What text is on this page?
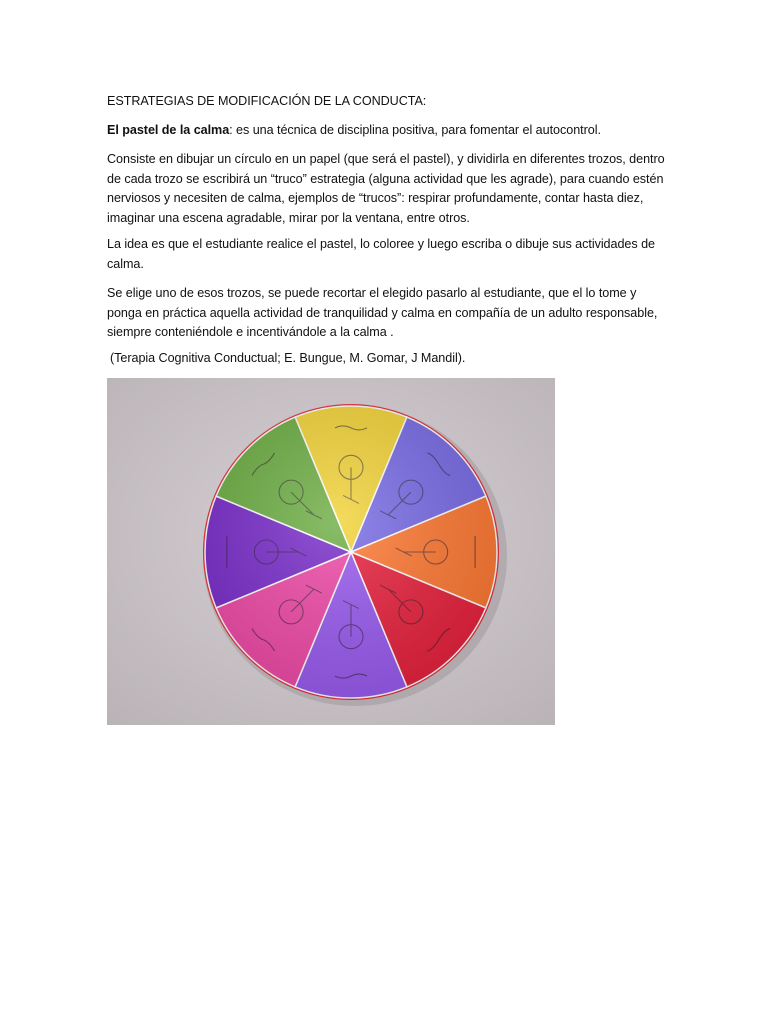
ESTRATEGIAS DE MODIFICACIÓN DE LA CONDUCTA:
El pastel de la calma: es una técnica de disciplina positiva, para fomentar el autocontrol.
Consiste en dibujar un círculo en un papel (que será el pastel), y dividirla en diferentes trozos, dentro de cada trozo se escribirá un “truco” estrategia (alguna actividad que les agrade), para cuando estén nerviosos y necesiten de calma, ejemplos de “trucos”: respirar profundamente, contar hasta diez, imaginar una escena agradable, mirar por la ventana, entre otros.
La idea es que el estudiante realice el pastel, lo coloree y luego escriba o dibuje sus actividades de calma.
Se elige uno de esos trozos, se puede recortar el elegido pasarlo al estudiante, que el lo tome y ponga en práctica aquella actividad de tranquilidad y calma en compañía de un adulto responsable, siempre conteniéndole e incentivándole a la calma .
(Terapia Cognitiva Conductual; E. Bungue, M. Gomar, J Mandil).
